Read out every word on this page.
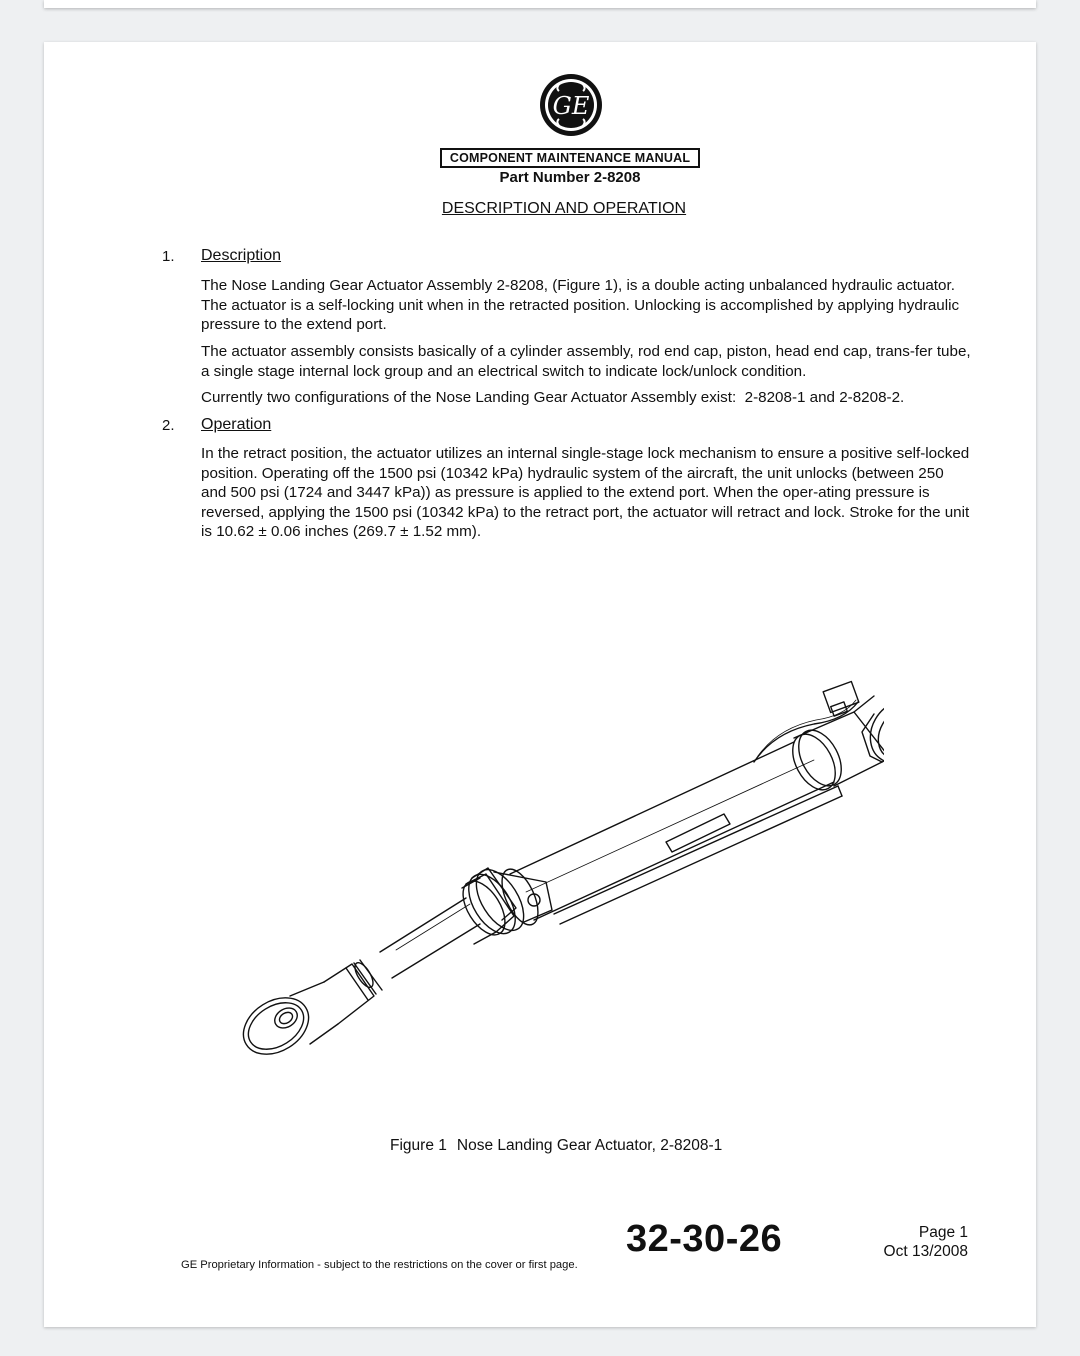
GE
COMPONENT MAINTENANCE MANUAL
Part Number 2-8208
DESCRIPTION AND OPERATION
1. Description
The Nose Landing Gear Actuator Assembly 2-8208, (Figure 1), is a double acting unbalanced hydraulic actuator. The actuator is a self-locking unit when in the retracted position. Unlocking is accomplished by applying hydraulic pressure to the extend port.
The actuator assembly consists basically of a cylinder assembly, rod end cap, piston, head end cap, trans-fer tube, a single stage internal lock group and an electrical switch to indicate lock/unlock condition.
Currently two configurations of the Nose Landing Gear Actuator Assembly exist:  2-8208-1 and 2-8208-2.
2. Operation
In the retract position, the actuator utilizes an internal single-stage lock mechanism to ensure a positive self-locked position. Operating off the 1500 psi (10342 kPa) hydraulic system of the aircraft, the unit unlocks (between 250 and 500 psi (1724 and 3447 kPa)) as pressure is applied to the extend port. When the oper-ating pressure is reversed, applying the 1500 psi (10342 kPa) to the retract port, the actuator will retract and lock. Stroke for the unit is 10.62 ± 0.06 inches (269.7 ± 1.52 mm).
Figure 1 Nose Landing Gear Actuator, 2-8208-1
GE Proprietary Information - subject to the restrictions on the cover or first page.
32-30-26	Page 1
Oct 13/2008
